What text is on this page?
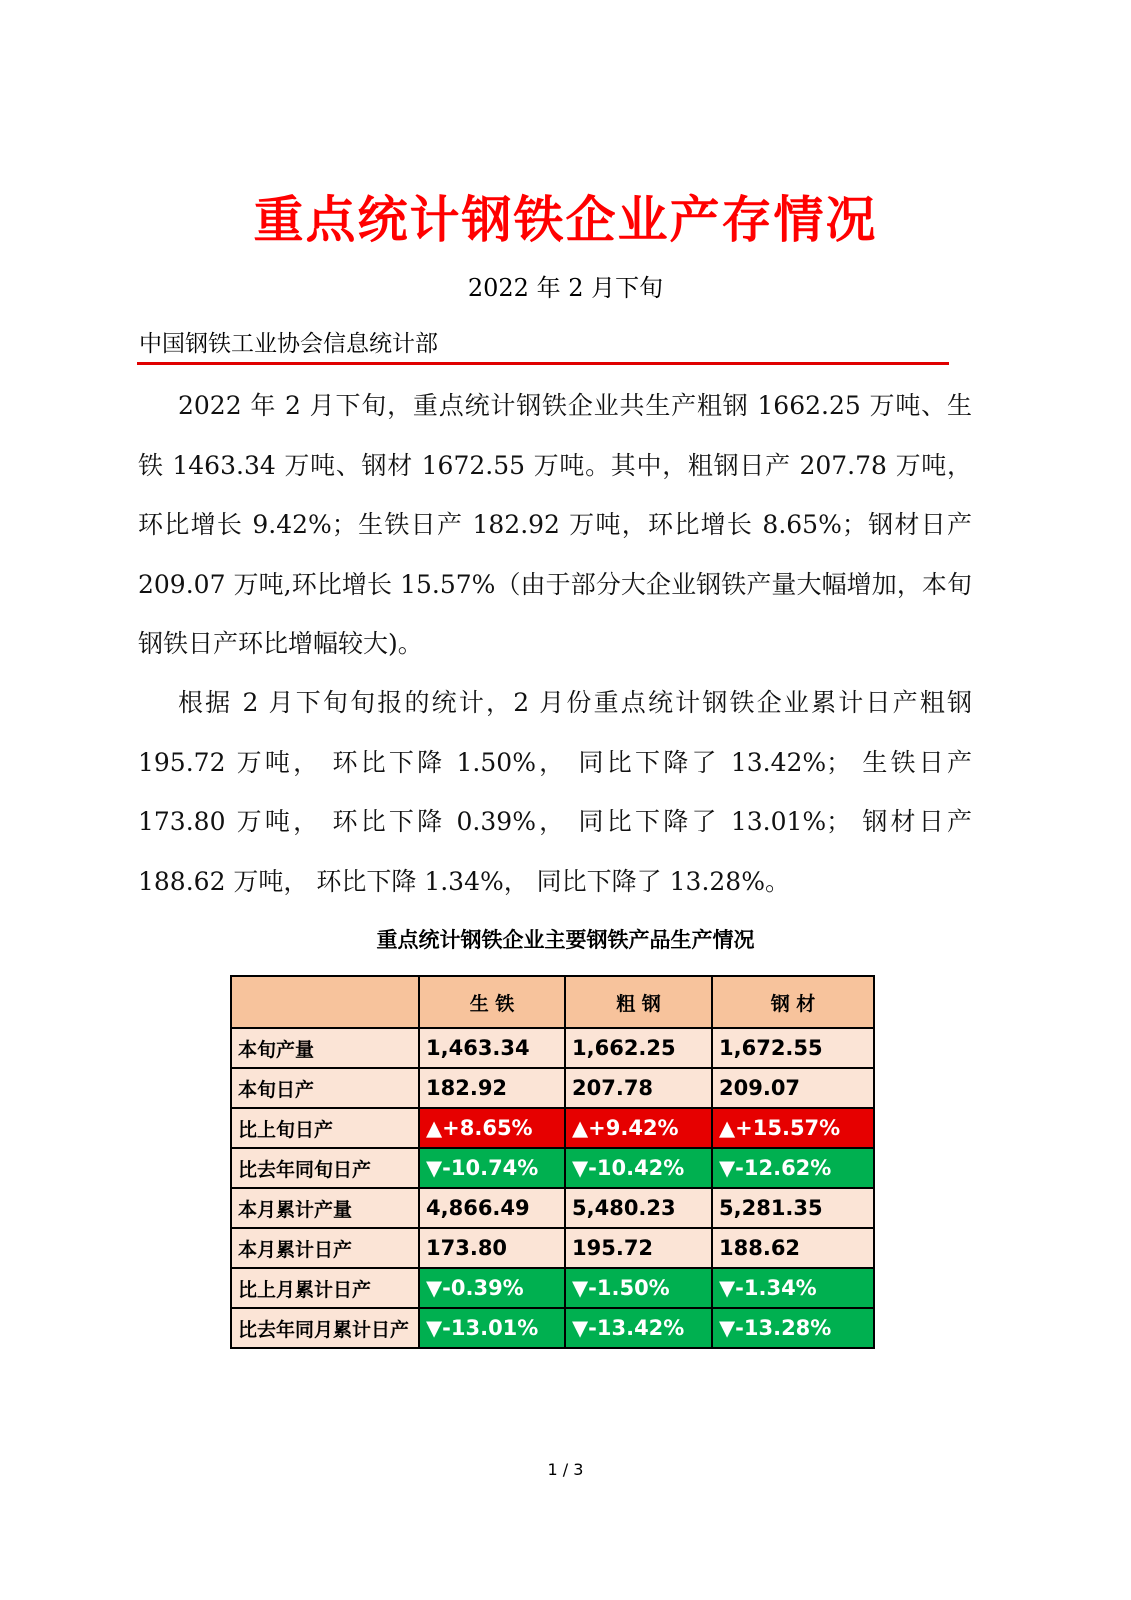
重点统计钢铁企业产存情况
2022 年 2 月下旬
中国钢铁工业协会信息统计部

2022 年 2 月下旬，重点统计钢铁企业共生产粗钢 1662.25 万吨、生铁 1463.34 万吨、钢材 1672.55 万吨。其中，粗钢日产 207.78 万吨，环比增长 9.42%；生铁日产 182.92 万吨，环比增长 8.65%；钢材日产 209.07 万吨,环比增长 15.57%（由于部分大企业钢铁产量大幅增加，本旬钢铁日产环比增幅较大)。

根据 2 月下旬旬报的统计，2 月份重点统计钢铁企业累计日产粗钢 195.72 万吨， 环比下降 1.50%， 同比下降了 13.42%； 生铁日产 173.80 万吨， 环比下降 0.39%， 同比下降了 13.01%； 钢材日产 188.62 万吨， 环比下降 1.34%， 同比下降了 13.28%。

重点统计钢铁企业主要钢铁产品生产情况
	生 铁	粗 钢	钢 材
本旬产量	1,463.34	1,662.25	1,672.55
本旬日产	182.92	207.78	209.07
比上旬日产	▲+8.65%	▲+9.42%	▲+15.57%
比去年同旬日产	▼-10.74%	▼-10.42%	▼-12.62%
本月累计产量	4,866.49	5,480.23	5,281.35
本月累计日产	173.80	195.72	188.62
比上月累计日产	▼-0.39%	▼-1.50%	▼-1.34%
比去年同月累计日产	▼-13.01%	▼-13.42%	▼-13.28%
1 / 3
